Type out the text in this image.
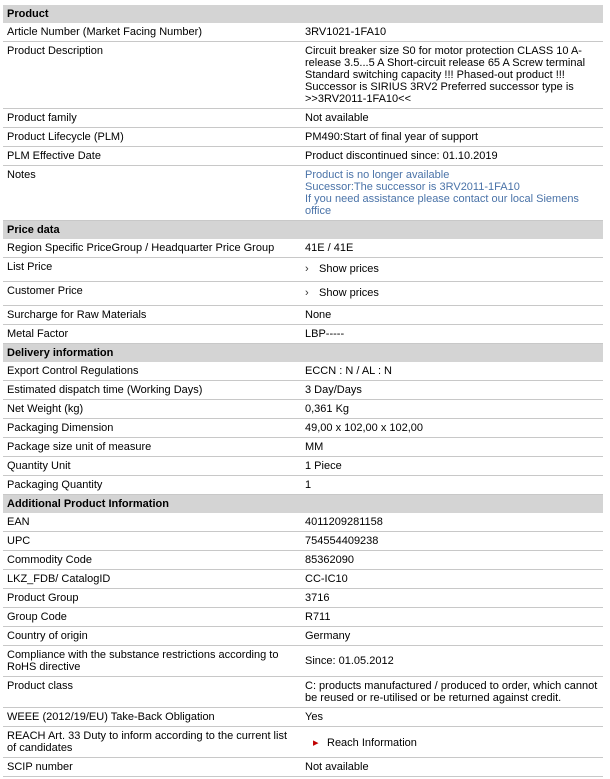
Product
Article Number (Market Facing Number)	3RV1021-1FA10
Product Description	Circuit breaker size S0 for motor protection CLASS 10 A-release 3.5...5 A Short-circuit release 65 A Screw terminal Standard switching capacity !!! Phased-out product !!! Successor is SIRIUS 3RV2 Preferred successor type is >>3RV2011-1FA10<<
Product family	Not available
Product Lifecycle (PLM)	PM490:Start of final year of support
PLM Effective Date	Product discontinued since: 01.10.2019
Notes	Product is no longer available
Sucessor:The successor is 3RV2011-1FA10
If you need assistance please contact our local Siemens office
Price data
Region Specific PriceGroup / Headquarter Price Group	41E / 41E
List Price	› Show prices
Customer Price	› Show prices
Surcharge for Raw Materials	None
Metal Factor	LBP-----
Delivery information
Export Control Regulations	ECCN : N / AL : N
Estimated dispatch time (Working Days)	3 Day/Days
Net Weight (kg)	0,361 Kg
Packaging Dimension	49,00 x 102,00 x 102,00
Package size unit of measure	MM
Quantity Unit	1 Piece
Packaging Quantity	1
Additional Product Information
EAN	4011209281158
UPC	754554409238
Commodity Code	85362090
LKZ_FDB/ CatalogID	CC-IC10
Product Group	3716
Group Code	R711
Country of origin	Germany
Compliance with the substance restrictions according to RoHS directive	Since: 01.05.2012
Product class	C: products manufactured / produced to order, which cannot be reused or re-utilised or be returned against credit.
WEEE (2012/19/EU) Take-Back Obligation	Yes
REACH Art. 33 Duty to inform according to the current list of candidates	▸ Reach Information
SCIP number	Not available
